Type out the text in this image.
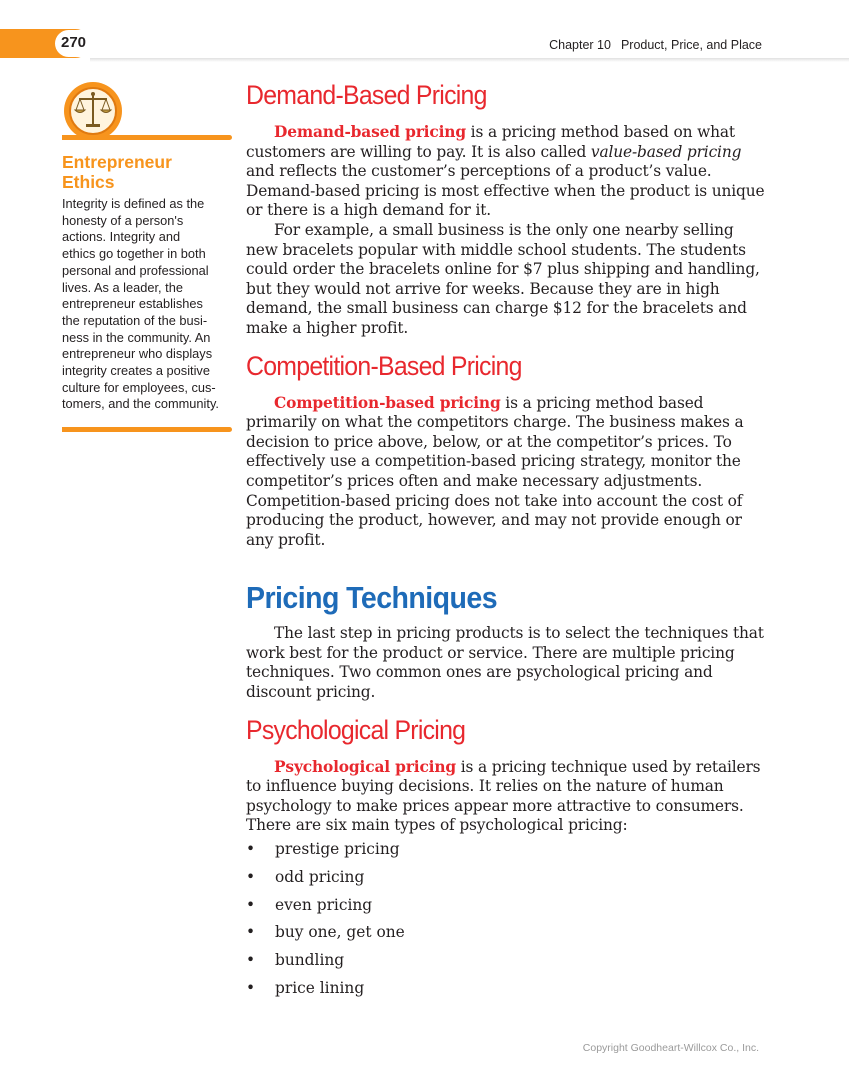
270	Chapter 10 Product, Price, and Place
Entrepreneur
Ethics
Integrity is defined as the
honesty of a person's
actions. Integrity and
ethics go together in both
personal and professional
lives. As a leader, the
entrepreneur establishes
the reputation of the busi-
ness in the community. An
entrepreneur who displays
integrity creates a positive
culture for employees, cus-
tomers, and the community.
Demand-Based Pricing

Demand-based pricing is a pricing method based on what customers are willing to pay. It is also called value-based pricing and reflects the customer’s perceptions of a product’s value. Demand-based pricing is most effective when the product is unique or there is a high demand for it.

For example, a small business is the only one nearby selling new bracelets popular with middle school students. The students could order the bracelets online for $7 plus shipping and handling, but they would not arrive for weeks. Because they are in high demand, the small business can charge $12 for the bracelets and make a higher profit.

Competition-Based Pricing

Competition-based pricing is a pricing method based primarily on what the competitors charge. The business makes a decision to price above, below, or at the competitor’s prices. To effectively use a competition-based pricing strategy, monitor the competitor’s prices often and make necessary adjustments. Competition-based pricing does not take into account the cost of producing the product, however, and may not provide enough or any profit.

Pricing Techniques

The last step in pricing products is to select the techniques that work best for the product or service. There are multiple pricing techniques. Two common ones are psychological pricing and discount pricing.

Psychological Pricing

Psychological pricing is a pricing technique used by retailers to influence buying decisions. It relies on the nature of human psychology to make prices appear more attractive to consumers. There are six main types of psychological pricing:

• prestige pricing
• odd pricing
• even pricing
• buy one, get one
• bundling
• price lining
Copyright Goodheart-Willcox Co., Inc.
